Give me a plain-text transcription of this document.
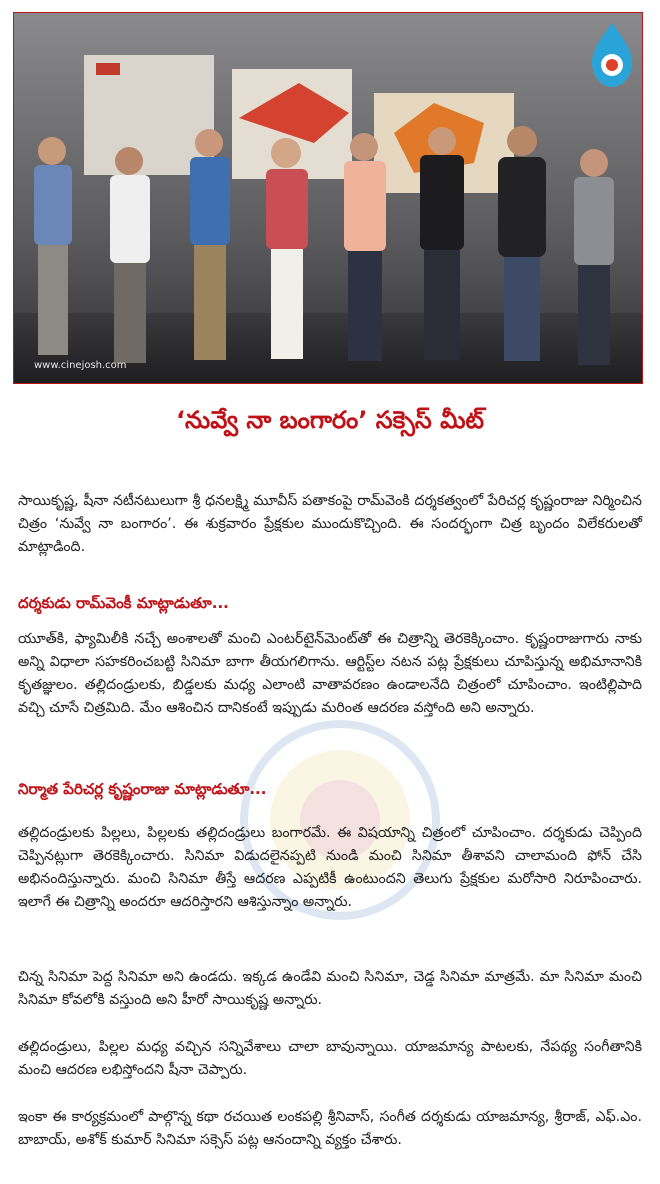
www.cinejosh.com
‘నువ్వే నా బంగారం’ సక్సెస్ మీట్
సాయికృష్ణ, షీనా నటీనటులుగా శ్రీ ధనలక్ష్మి మూవీస్ పతాకంపై రామ్‌వెంకి దర్శకత్వంలో పేరిచర్ల కృష్ణంరాజు నిర్మించిన చిత్రం ‘నువ్వే నా బంగారం’. ఈ శుక్రవారం ప్రేక్షకుల ముందుకొచ్చింది. ఈ సందర్భంగా చిత్ర బృందం విలేకరులతో మాట్లాడింది.
దర్శకుడు రామ్‌వెంకీ మాట్లాడుతూ...
యూత్‌కి, ఫ్యామిలీకి నచ్చే అంశాలతో మంచి ఎంటర్‌టైన్‌మెంట్‌తో ఈ చిత్రాన్ని తెరకెక్కించాం. కృష్ణంరాజుగారు నాకు అన్ని విధాలా సహకరించబట్టి సినిమా బాగా తీయగలిగాను. ఆర్టిస్ట్‌ల నటన పట్ల ప్రేక్షకులు చూపిస్తున్న అభిమానానికి కృతజ్ఞులం. తల్లిదండ్రులకు, బిడ్డలకు మధ్య ఎలాంటి వాతావరణం ఉండాలనేది చిత్రంలో చూపించాం. ఇంటిల్లిపాది వచ్చి చూసే చిత్రమిది. మేం ఆశించిన దానికంటే ఇప్పుడు మరింత ఆదరణ వస్తోంది అని అన్నారు.
నిర్మాత పేరిచర్ల కృష్ణంరాజు మాట్లాడుతూ...
తల్లిదండ్రులకు పిల్లలు, పిల్లలకు తల్లిదండ్రులు బంగారమే. ఈ విషయాన్ని చిత్రంలో చూపించాం. దర్శకుడు చెప్పింది చెప్పినట్లుగా తెరకెక్కించారు. సినిమా విడుదలైనప్పటి నుండి మంచి సినిమా తీశావని చాలామంది ఫోన్ చేసి అభినందిస్తున్నారు. మంచి సినిమా తీస్తే ఆదరణ ఎప్పటికీ ఉంటుందని తెలుగు ప్రేక్షకుల మరోసారి నిరూపించారు. ఇలాగే ఈ చిత్రాన్ని అందరూ ఆదరిస్తారని ఆశిస్తున్నాం అన్నారు.
చిన్న సినిమా పెద్ద సినిమా అని ఉండదు. ఇక్కడ ఉండేవి మంచి సినిమా, చెడ్డ సినిమా మాత్రమే. మా సినిమా మంచి సినిమా కోవలోకి వస్తుంది అని హీరో సాయికృష్ణ అన్నారు.
తల్లిదండ్రులు, పిల్లల మధ్య వచ్చిన సన్నివేశాలు చాలా బావున్నాయి. యాజమాన్య పాటలకు, నేపథ్య సంగీతానికి మంచి ఆదరణ లభిస్తోందని షీనా చెప్పారు.
ఇంకా ఈ కార్యక్రమంలో పాల్గొన్న కథా రచయిత లంకపల్లి శ్రీనివాస్, సంగీత దర్శకుడు యాజమాన్య, శ్రీరాజ్, ఎఫ్.ఎం. బాబాయ్, అశోక్ కుమార్ సినిమా సక్సెస్ పట్ల ఆనందాన్ని వ్యక్తం చేశారు.
